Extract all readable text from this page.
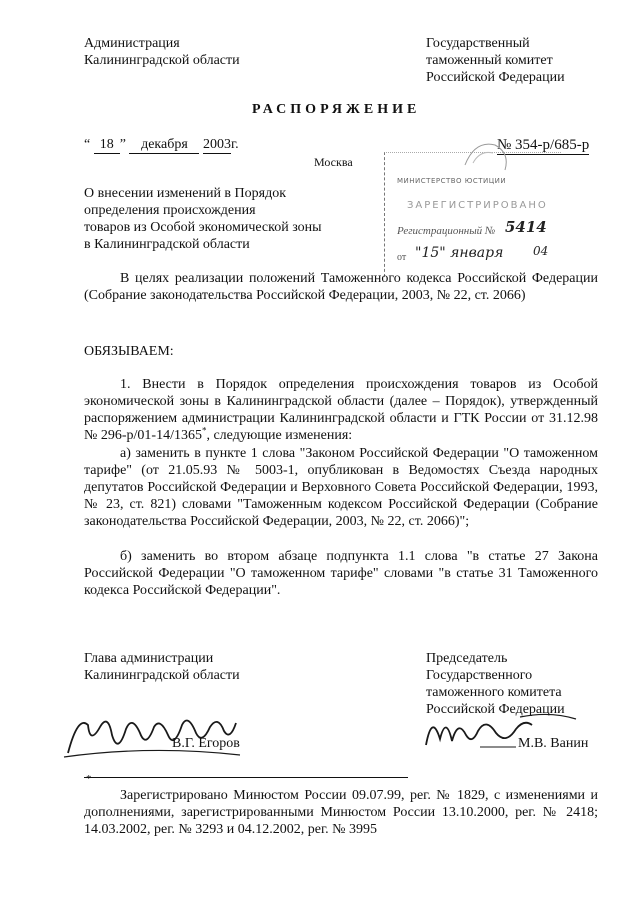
Администрация
Калининградской области
Государственный
таможенный комитет
Российской Федерации
РАСПОРЯЖЕНИЕ
“ 18 ” декабря 2003г.
Москва
№ 354-р/685-р
МИНИСТЕРСТВО ЮСТИЦИИ
ЗАРЕГИСТРИРОВАНО
Регистрационный № 5414
от "15" января 04
О внесении изменений в Порядок
определения происхождения
товаров из Особой экономической зоны
в Калининградской области
В целях реализации положений Таможенного кодекса Российской Федерации (Собрание законодательства Российской Федерации, 2003, № 22, ст. 2066)
ОБЯЗЫВАЕМ:
1. Внести в Порядок определения происхождения товаров из Особой экономической зоны в Калининградской области (далее – Порядок), утвержденный распоряжением администрации Калининградской области и ГТК России от 31.12.98 № 296-р/01-14/1365*, следующие изменения:
а) заменить в пункте 1 слова "Законом Российской Федерации "О таможенном тарифе" (от 21.05.93 № 5003-1, опубликован в Ведомостях Съезда народных депутатов Российской Федерации и Верховного Совета Российской Федерации, 1993, № 23, ст. 821) словами "Таможенным кодексом Российской Федерации (Собрание законодательства Российской Федерации, 2003, № 22, ст. 2066)";
б) заменить во втором абзаце подпункта 1.1 слова "в статье 27 Закона Российской Федерации "О таможенном тарифе" словами "в статье 31 Таможенного кодекса Российской Федерации".
Глава администрации
Калининградской области
Председатель
Государственного
таможенного комитета
Российской Федерации
В.Г. Егоров	М.В. Ванин
*
Зарегистрировано Минюстом России 09.07.99, рег. № 1829, с изменениями и дополнениями, зарегистрированными Минюстом России 13.10.2000, рег. № 2418; 14.03.2002, рег. № 3293 и 04.12.2002, рег. № 3995
